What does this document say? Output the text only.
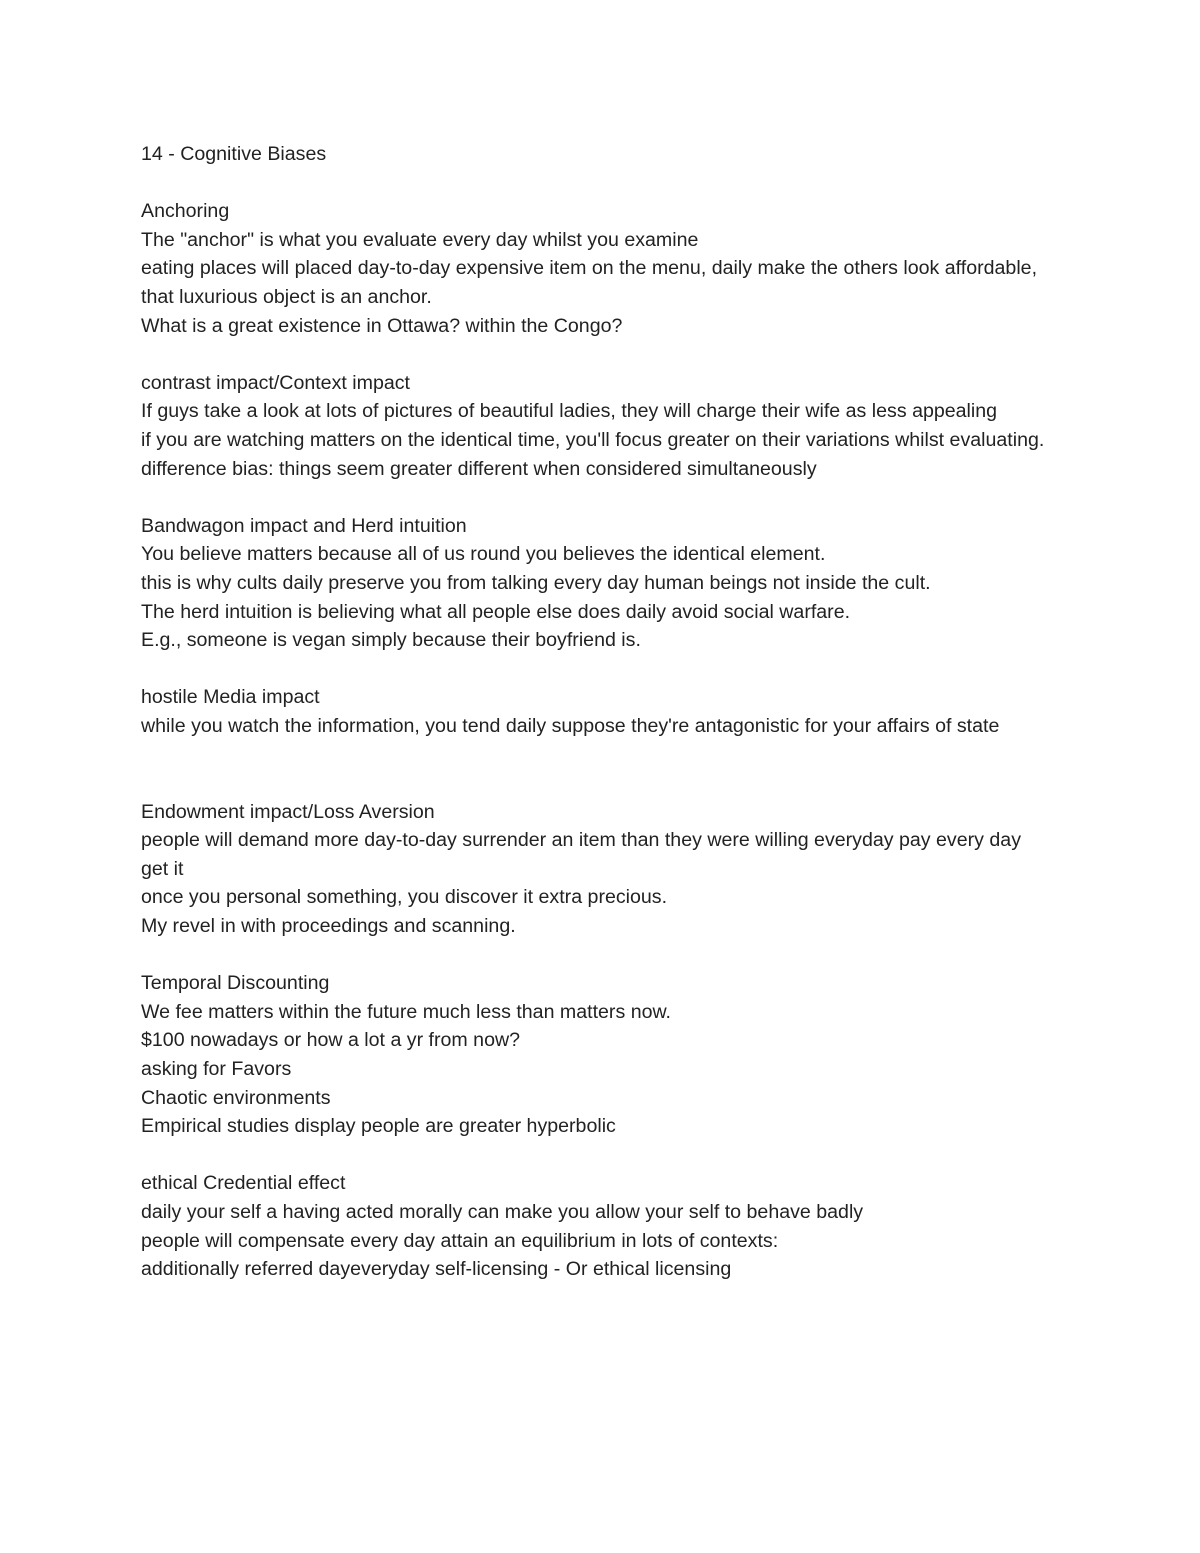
14 - Cognitive Biases

Anchoring

The "anchor" is what you evaluate every day whilst you examine

eating places will placed day-to-day expensive item on the menu, daily make the others look affordable, that luxurious object is an anchor.

What is a great existence in Ottawa? within the Congo?

contrast impact/Context impact

If guys take a look at lots of pictures of beautiful ladies, they will charge their wife as less appealing

if you are watching matters on the identical time, you'll focus greater on their variations whilst evaluating.

difference bias: things seem greater different when considered simultaneously

Bandwagon impact and Herd intuition

You believe matters because all of us round you believes the identical element.

this is why cults daily preserve you from talking every day human beings not inside the cult.

The herd intuition is believing what all people else does daily avoid social warfare.

E.g., someone is vegan simply because their boyfriend is.

hostile Media impact

while you watch the information, you tend daily suppose they're antagonistic for your affairs of state

Endowment impact/Loss Aversion

people will demand more day-to-day surrender an item than they were willing everyday pay every day get it

once you personal something, you discover it extra precious.

My revel in with proceedings and scanning.

Temporal Discounting

We fee matters within the future much less than matters now.

$100 nowadays or how a lot a yr from now?

asking for Favors

Chaotic environments

Empirical studies display people are greater hyperbolic

ethical Credential effect

daily your self a having acted morally can make you allow your self to behave badly

people will compensate every day attain an equilibrium in lots of contexts:

additionally referred dayeveryday self-licensing - Or ethical licensing
